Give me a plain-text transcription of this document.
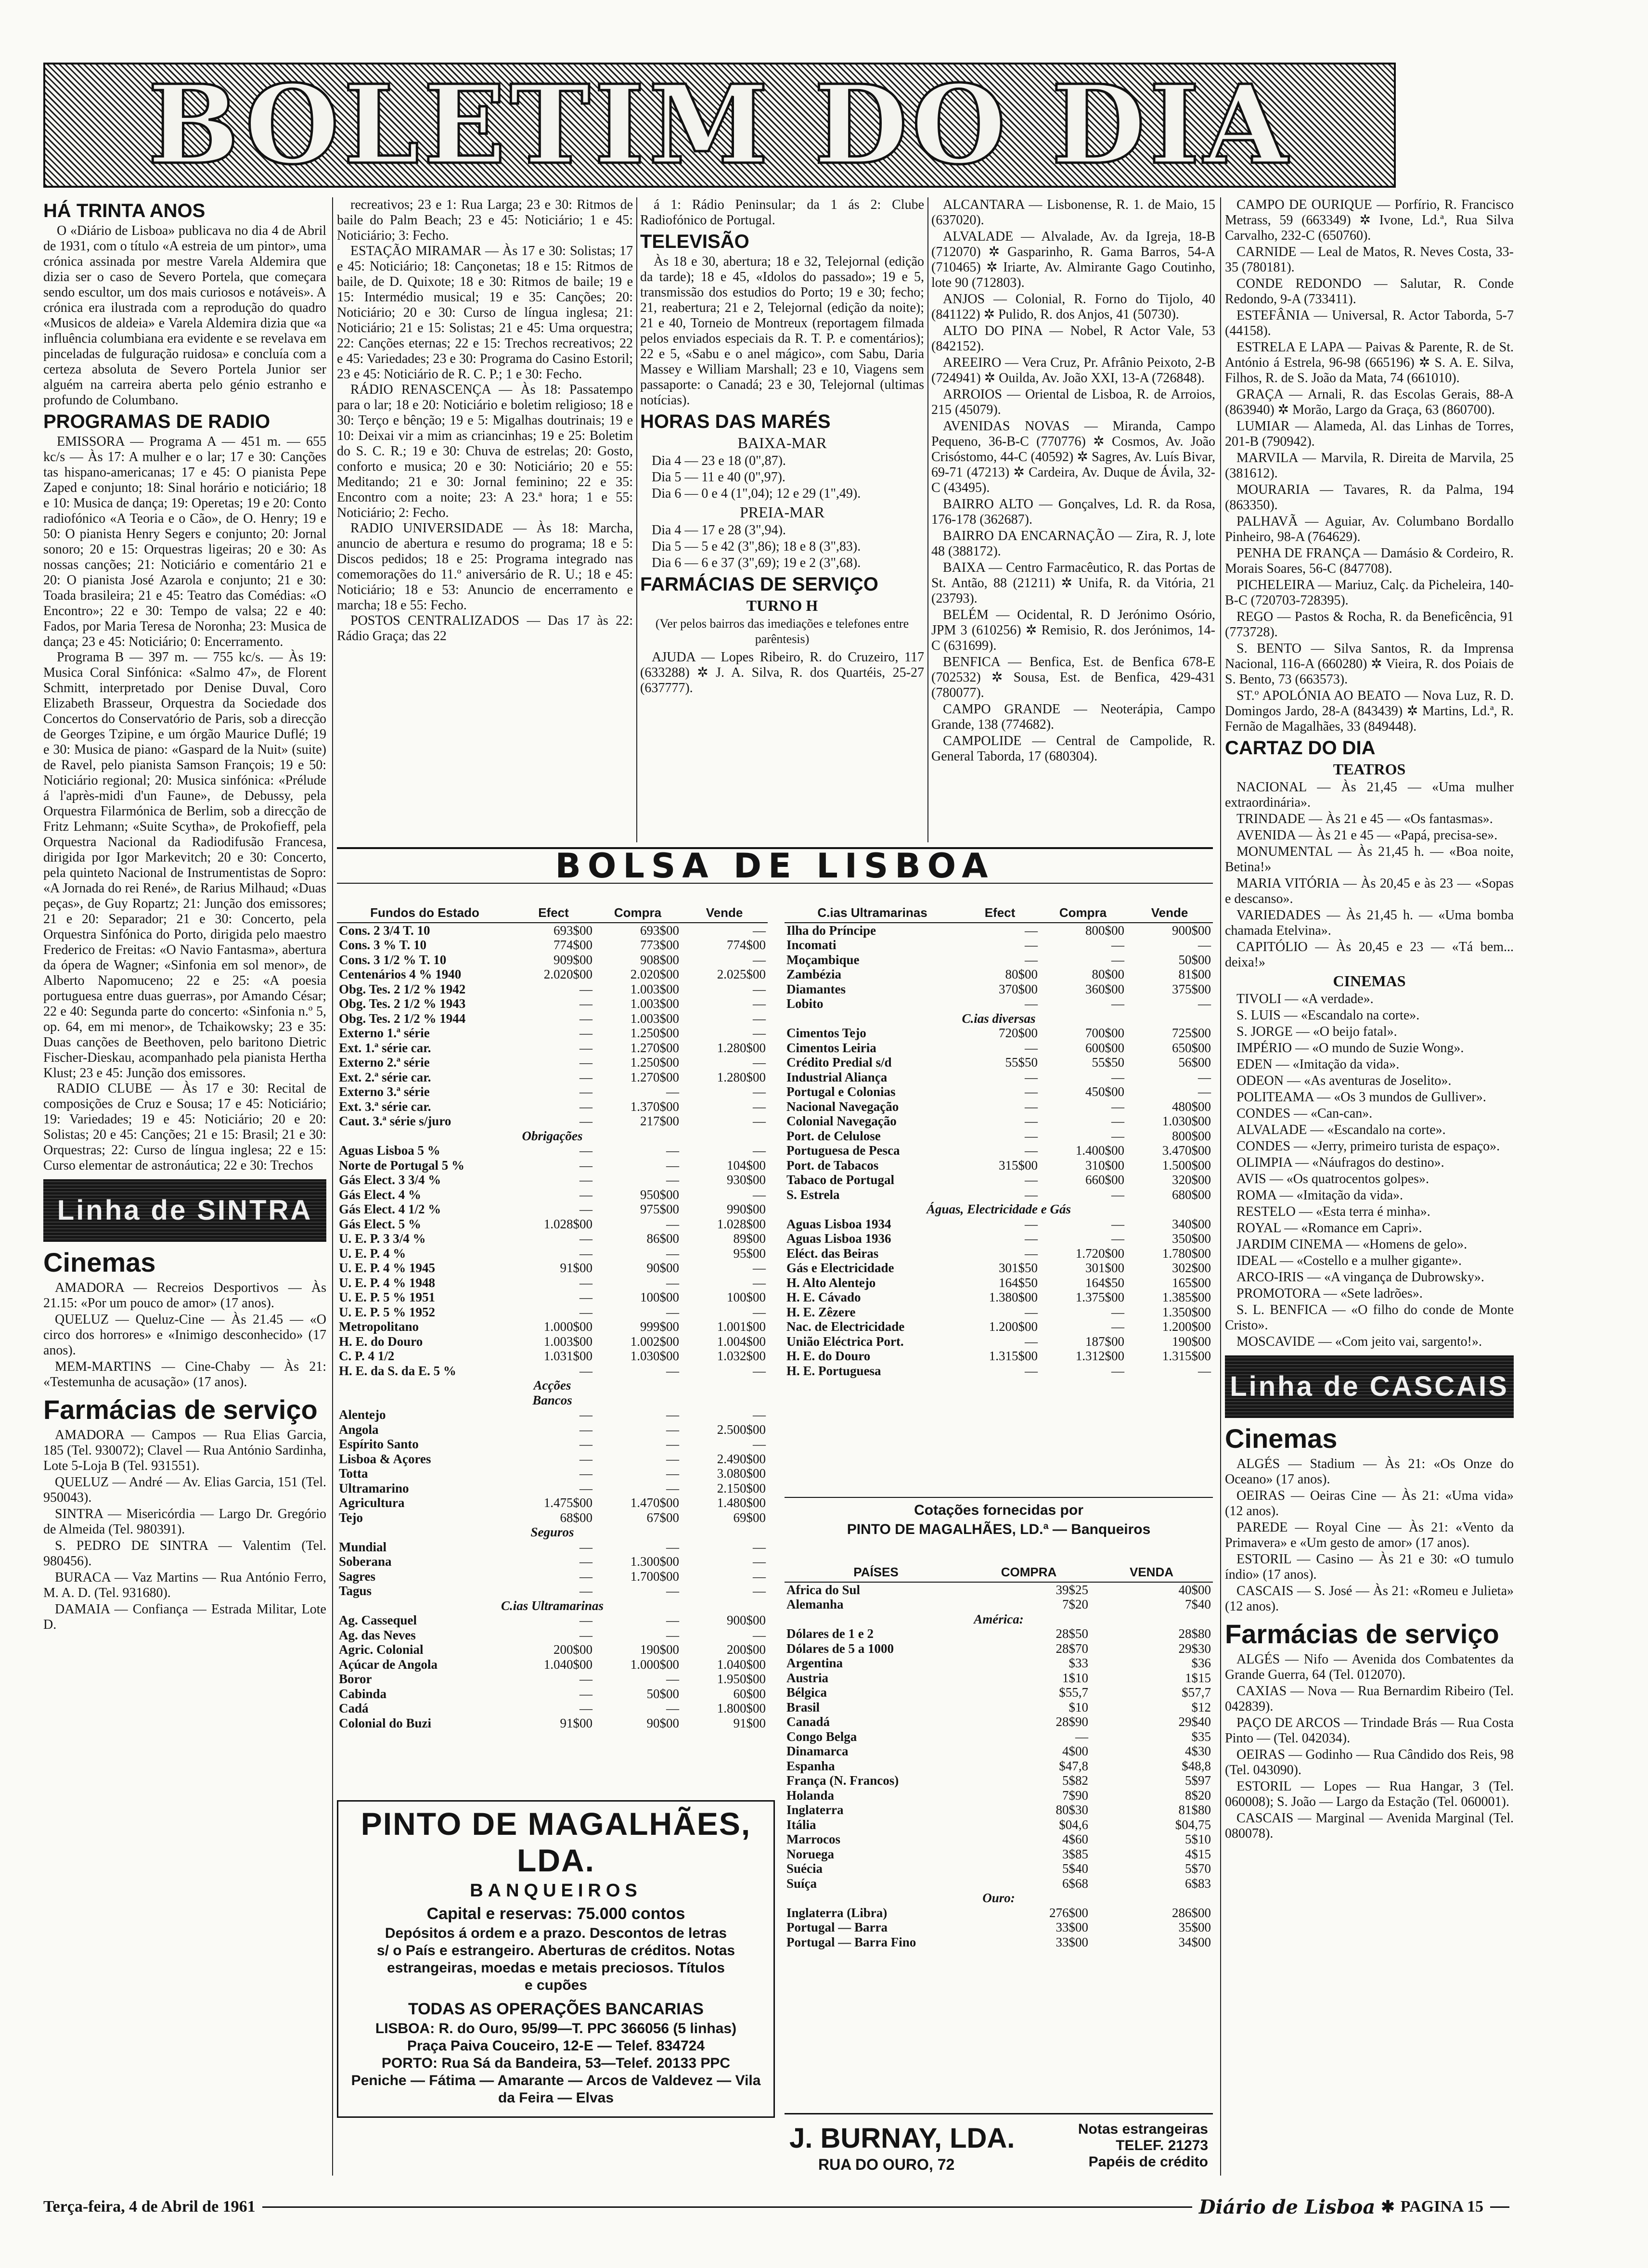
BOLETIM DO DIA
HÁ TRINTA ANOS

O «Diário de Lisboa» publicava no dia 4 de Abril de 1931, com o título «A estreia de um pintor», uma crónica assinada por mestre Varela Aldemira que dizia ser o caso de Severo Portela, que começara sendo escultor, um dos mais curiosos e notáveis». A crónica era ilustrada com a reprodução do quadro «Musicos de aldeia» e Varela Aldemira dizia que «a influência columbiana era evidente e se revelava em pinceladas de fulguração ruidosa» e concluía com a certeza absoluta de Severo Portela Junior ser alguém na carreira aberta pelo génio estranho e profundo de Columbano.

PROGRAMAS DE RADIO

EMISSORA — Programa A — 451 m. — 655 kc/s — Às 17: A mulher e o lar; 17 e 30: Canções tas hispano-americanas; 17 e 45: O pianista Pepe Zaped e conjunto; 18: Sinal horário e noticiário; 18 e 10: Musica de dança; 19: Operetas; 19 e 20: Conto radiofónico «A Teoria e o Cão», de O. Henry; 19 e 50: O pianista Henry Segers e conjunto; 20: Jornal sonoro; 20 e 15: Orquestras ligeiras; 20 e 30: As nossas canções; 21: Noticiário e comentário 21 e 20: O pianista José Azarola e conjunto; 21 e 30: Toada brasileira; 21 e 45: Teatro das Comédias: «O Encontro»; 22 e 30: Tempo de valsa; 22 e 40: Fados, por Maria Teresa de Noronha; 23: Musica de dança; 23 e 45: Noticiário; 0: Encerramento.

Programa B — 397 m. — 755 kc/s. — Às 19: Musica Coral Sinfónica: «Salmo 47», de Florent Schmitt, interpretado por Denise Duval, Coro Elizabeth Brasseur, Orquestra da Sociedade dos Concertos do Conservatório de Paris, sob a direcção de Georges Tzipine, e um órgão Maurice Duflé; 19 e 30: Musica de piano: «Gaspard de la Nuit» (suite) de Ravel, pelo pianista Samson François; 19 e 50: Noticiário regional; 20: Musica sinfónica: «Prélude á l'après-midi d'un Faune», de Debussy, pela Orquestra Filarmónica de Berlim, sob a direcção de Fritz Lehmann; «Suite Scytha», de Prokofieff, pela Orquestra Nacional da Radiodifusão Francesa, dirigida por Igor Markevitch; 20 e 30: Concerto, pela quinteto Nacional de Instrumentistas de Sopro: «A Jornada do rei René», de Rarius Milhaud; «Duas peças», de Guy Ropartz; 21: Junção dos emissores; 21 e 20: Separador; 21 e 30: Concerto, pela Orquestra Sinfónica do Porto, dirigida pelo maestro Frederico de Freitas: «O Navio Fantasma», abertura da ópera de Wagner; «Sinfonia em sol menor», de Alberto Napomuceno; 22 e 25: «A poesia portuguesa entre duas guerras», por Amando César; 22 e 40: Segunda parte do concerto: «Sinfonia n.º 5, op. 64, em mi menor», de Tchaikowsky; 23 e 35: Duas canções de Beethoven, pelo baritono Dietric Fischer-Dieskau, acompanhado pela pianista Hertha Klust; 23 e 45: Junção dos emissores.

RADIO CLUBE — Às 17 e 30: Recital de composições de Cruz e Sousa; 17 e 45: Noticiário; 19: Variedades; 19 e 45: Noticiário; 20 e 20: Solistas; 20 e 45: Canções; 21 e 15: Brasil; 21 e 30: Orquestras; 22: Curso de língua inglesa; 22 e 15: Curso elementar de astronáutica; 22 e 30: Trechos

Linha de SINTRA
Cinemas

AMADORA — Recreios Desportivos — Às 21.15: «Por um pouco de amor» (17 anos).

QUELUZ — Queluz-Cine — Às 21.45 — «O circo dos horrores» e «Inimigo desconhecido» (17 anos).

MEM-MARTINS — Cine-Chaby — Às 21: «Testemunha de acusação» (17 anos).

Farmácias de serviço

AMADORA — Campos — Rua Elias Garcia, 185 (Tel. 930072); Clavel — Rua António Sardinha, Lote 5-Loja B (Tel. 931551).

QUELUZ — André — Av. Elias Garcia, 151 (Tel. 950043).

SINTRA — Misericórdia — Largo Dr. Gregório de Almeida (Tel. 980391).

S. PEDRO DE SINTRA — Valentim (Tel. 980456).

BURACA — Vaz Martins — Rua António Ferro, M. A. D. (Tel. 931680).

DAMAIA — Confiança — Estrada Militar, Lote D.

recreativos; 23 e 1: Rua Larga; 23 e 30: Ritmos de baile do Palm Beach; 23 e 45: Noticiário; 1 e 45: Noticiário; 3: Fecho.

ESTAÇÃO MIRAMAR — Às 17 e 30: Solistas; 17 e 45: Noticiário; 18: Cançonetas; 18 e 15: Ritmos de baile, de D. Quixote; 18 e 30: Ritmos de baile; 19 e 15: Intermédio musical; 19 e 35: Canções; 20: Noticiário; 20 e 30: Curso de língua inglesa; 21: Noticiário; 21 e 15: Solistas; 21 e 45: Uma orquestra; 22: Canções eternas; 22 e 15: Trechos recreativos; 22 e 45: Variedades; 23 e 30: Programa do Casino Estoril; 23 e 45: Noticiário de R. C. P.; 1 e 30: Fecho.

RÁDIO RENASCENÇA — Às 18: Passatempo para o lar; 18 e 20: Noticiário e boletim religioso; 18 e 30: Terço e bênção; 19 e 5: Migalhas doutrinais; 19 e 10: Deixai vir a mim as criancinhas; 19 e 25: Boletim do S. C. R.; 19 e 30: Chuva de estrelas; 20: Gosto, conforto e musica; 20 e 30: Noticiário; 20 e 55: Meditando; 21 e 30: Jornal feminino; 22 e 35: Encontro com a noite; 23: A 23.ª hora; 1 e 55: Noticiário; 2: Fecho.

RADIO UNIVERSIDADE — Às 18: Marcha, anuncio de abertura e resumo do programa; 18 e 5: Discos pedidos; 18 e 25: Programa integrado nas comemorações do 11.º aniversário de R. U.; 18 e 45: Noticiário; 18 e 53: Anuncio de encerramento e marcha; 18 e 55: Fecho.

POSTOS CENTRALIZADOS — Das 17 às 22: Rádio Graça; das 22

á 1: Rádio Peninsular; da 1 ás 2: Clube Radiofónico de Portugal.

TELEVISÃO

Às 18 e 30, abertura; 18 e 32, Telejornal (edição da tarde); 18 e 45, «Idolos do passado»; 19 e 5, transmissão dos estudios do Porto; 19 e 30; fecho; 21, reabertura; 21 e 2, Telejornal (edição da noite); 21 e 40, Torneio de Montreux (reportagem filmada pelos enviados especiais da R. T. P. e comentários); 22 e 5, «Sabu e o anel mágico», com Sabu, Daria Massey e William Marshall; 23 e 10, Viagens sem passaporte: o Canadá; 23 e 30, Telejornal (ultimas notícias).

HORAS DAS MARÉS
BAIXA-MAR

Dia 4 — 23 e 18 (0",87).

Dia 5 — 11 e 40 (0",97).

Dia 6 — 0 e 4 (1",04); 12 e 29 (1",49).

PREIA-MAR

Dia 4 — 17 e 28 (3",94).

Dia 5 — 5 e 42 (3",86); 18 e 8 (3",83).

Dia 6 — 6 e 37 (3",69); 19 e 2 (3",68).

FARMÁCIAS DE SERVIÇO
TURNO H
(Ver pelos bairros das imediações e telefones entre parêntesis)

AJUDA — Lopes Ribeiro, R. do Cruzeiro, 117 (633288) ✲ J. A. Silva, R. dos Quartéis, 25-27 (637777).

ALCANTARA — Lisbonense, R. 1. de Maio, 15 (637020).

ALVALADE — Alvalade, Av. da Igreja, 18-B (712070) ✲ Gasparinho, R. Gama Barros, 54-A (710465) ✲ Iriarte, Av. Almirante Gago Coutinho, lote 90 (712803).

ANJOS — Colonial, R. Forno do Tijolo, 40 (841122) ✲ Pulido, R. dos Anjos, 41 (50730).

ALTO DO PINA — Nobel, R Actor Vale, 53 (842152).

AREEIRO — Vera Cruz, Pr. Afrânio Peixoto, 2-B (724941) ✲ Ouilda, Av. João XXI, 13-A (726848).

ARROIOS — Oriental de Lisboa, R. de Arroios, 215 (45079).

AVENIDAS NOVAS — Miranda, Campo Pequeno, 36-B-C (770776) ✲ Cosmos, Av. João Crisóstomo, 44-C (40592) ✲ Sagres, Av. Luís Bivar, 69-71 (47213) ✲ Cardeira, Av. Duque de Ávila, 32-C (43495).

BAIRRO ALTO — Gonçalves, Ld. R. da Rosa, 176-178 (362687).

BAIRRO DA ENCARNAÇÃO — Zira, R. J, lote 48 (388172).

BAIXA — Centro Farmacêutico, R. das Portas de St. Antão, 88 (21211) ✲ Unifa, R. da Vitória, 21 (23793).

BELÉM — Ocidental, R. D Jerónimo Osório, JPM 3 (610256) ✲ Remisio, R. dos Jerónimos, 14-C (631699).

BENFICA — Benfica, Est. de Benfica 678-E (702532) ✲ Sousa, Est. de Benfica, 429-431 (780077).

CAMPO GRANDE — Neoterápia, Campo Grande, 138 (774682).

CAMPOLIDE — Central de Campolide, R. General Taborda, 17 (680304).

CAMPO DE OURIQUE — Porfírio, R. Francisco Metrass, 59 (663349) ✲ Ivone, Ld.ª, Rua Silva Carvalho, 232-C (650760).

CARNIDE — Leal de Matos, R. Neves Costa, 33-35 (780181).

CONDE REDONDO — Salutar, R. Conde Redondo, 9-A (733411).

ESTEFÂNIA — Universal, R. Actor Taborda, 5-7 (44158).

ESTRELA E LAPA — Paivas & Parente, R. de St. António á Estrela, 96-98 (665196) ✲ S. A. E. Silva, Filhos, R. de S. João da Mata, 74 (661010).

GRAÇA — Arnali, R. das Escolas Gerais, 88-A (863940) ✲ Morão, Largo da Graça, 63 (860700).

LUMIAR — Alameda, Al. das Linhas de Torres, 201-B (790942).

MARVILA — Marvila, R. Direita de Marvila, 25 (381612).

MOURARIA — Tavares, R. da Palma, 194 (863350).

PALHAVÃ — Aguiar, Av. Columbano Bordallo Pinheiro, 98-A (764629).

PENHA DE FRANÇA — Damásio & Cordeiro, R. Morais Soares, 56-C (847708).

PICHELEIRA — Mariuz, Calç. da Picheleira, 140-B-C (720703-728395).

REGO — Pastos & Rocha, R. da Beneficência, 91 (773728).

S. BENTO — Silva Santos, R. da Imprensa Nacional, 116-A (660280) ✲ Vieira, R. dos Poiais de S. Bento, 73 (663573).

ST.º APOLÓNIA AO BEATO — Nova Luz, R. D. Domingos Jardo, 28-A (843439) ✲ Martins, Ld.ª, R. Fernão de Magalhães, 33 (849448).

CARTAZ DO DIA
TEATROS

NACIONAL — Às 21,45 — «Uma mulher extraordinária».

TRINDADE — Às 21 e 45 — «Os fantasmas».

AVENIDA — Às 21 e 45 — «Papá, precisa-se».

MONUMENTAL — Às 21,45 h. — «Boa noite, Betina!»

MARIA VITÓRIA — Às 20,45 e às 23 — «Sopas e descanso».

VARIEDADES — Às 21,45 h. — «Uma bomba chamada Etelvina».

CAPITÓLIO — Às 20,45 e 23 — «Tá bem... deixa!»

CINEMAS

TIVOLI — «A verdade».

S. LUIS — «Escandalo na corte».

S. JORGE — «O beijo fatal».

IMPÉRIO — «O mundo de Suzie Wong».

EDEN — «Imitação da vida».

ODEON — «As aventuras de Joselito».

POLITEAMA — «Os 3 mundos de Gulliver».

CONDES — «Can-can».

ALVALADE — «Escandalo na corte».

CONDES — «Jerry, primeiro turista de espaço».

OLIMPIA — «Náufragos do destino».

AVIS — «Os quatrocentos golpes».

ROMA — «Imitação da vida».

RESTELO — «Esta terra é minha».

ROYAL — «Romance em Capri».

JARDIM CINEMA — «Homens de gelo».

IDEAL — «Costello e a mulher gigante».

ARCO-IRIS — «A vingança de Dubrowsky».

PROMOTORA — «Sete ladrões».

S. L. BENFICA — «O filho do conde de Monte Cristo».

MOSCAVIDE — «Com jeito vai, sargento!».

Linha de CASCAIS
Cinemas

ALGÉS — Stadium — Às 21: «Os Onze do Oceano» (17 anos).

OEIRAS — Oeiras Cine — Às 21: «Uma vida» (12 anos).

PAREDE — Royal Cine — Às 21: «Vento da Primavera» e «Um gesto de amor» (17 anos).

ESTORIL — Casino — Às 21 e 30: «O tumulo índio» (17 anos).

CASCAIS — S. José — Às 21: «Romeu e Julieta» (12 anos).

Farmácias de serviço

ALGÉS — Nifo — Avenida dos Combatentes da Grande Guerra, 64 (Tel. 012070).

CAXIAS — Nova — Rua Bernardim Ribeiro (Tel. 042839).

PAÇO DE ARCOS — Trindade Brás — Rua Costa Pinto — (Tel. 042034).

OEIRAS — Godinho — Rua Cândido dos Reis, 98 (Tel. 043090).

ESTORIL — Lopes — Rua Hangar, 3 (Tel. 060008); S. João — Largo da Estação (Tel. 060001).

CASCAIS — Marginal — Avenida Marginal (Tel. 080078).

BOLSA DE LISBOA
Fundos do Estado	Efect	Compra	Vende
Cons. 2 3/4 T. 10	693$00	693$00	—
Cons. 3 % T. 10	774$00	773$00	774$00
Cons. 3 1/2 % T. 10	909$00	908$00	—
Centenários 4 % 1940	2.020$00	2.020$00	2.025$00
Obg. Tes. 2 1/2 % 1942	—	1.003$00	—
Obg. Tes. 2 1/2 % 1943	—	1.003$00	—
Obg. Tes. 2 1/2 % 1944	—	1.003$00	—
Externo 1.ª série	—	1.250$00	—
Ext. 1.ª série car.	—	1.270$00	1.280$00
Externo 2.ª série	—	1.250$00	—
Ext. 2.ª série car.	—	1.270$00	1.280$00
Externo 3.ª série	—	—	—
Ext. 3.ª série car.	—	1.370$00	—
Caut. 3.ª série s/juro	—	217$00	—
Obrigações			
Aguas Lisboa 5 %	—	—	—
Norte de Portugal 5 %	—	—	104$00
Gás Elect. 3 3/4 %	—	—	930$00
Gás Elect. 4 %	—	950$00	—
Gás Elect. 4 1/2 %	—	975$00	990$00
Gás Elect. 5 %	1.028$00	—	1.028$00
U. E. P. 3 3/4 %	—	86$00	89$00
U. E. P. 4 %	—	—	95$00
U. E. P. 4 % 1945	91$00	90$00	—
U. E. P. 4 % 1948	—	—	—
U. E. P. 5 % 1951	—	100$00	100$00
U. E. P. 5 % 1952	—	—	—
Metropolitano	1.000$00	999$00	1.001$00
H. E. do Douro	1.003$00	1.002$00	1.004$00
C. P. 4 1/2	1.031$00	1.030$00	1.032$00
H. E. da S. da E. 5 %	—	—	—
Acções			
Bancos			
Alentejo	—	—	—
Angola	—	—	2.500$00
Espírito Santo	—	—	—
Lisboa & Açores	—	—	2.490$00
Totta	—	—	3.080$00
Ultramarino	—	—	2.150$00
Agricultura	1.475$00	1.470$00	1.480$00
Tejo	68$00	67$00	69$00
Seguros			
Mundial	—	—	—
Soberana	—	1.300$00	—
Sagres	—	1.700$00	—
Tagus	—	—	—
C.ias Ultramarinas			
Ag. Cassequel	—	—	900$00
Ag. das Neves	—	—	—
Agric. Colonial	200$00	190$00	200$00
Açúcar de Angola	1.040$00	1.000$00	1.040$00
Boror	—	—	1.950$00
Cabinda	—	50$00	60$00
Cadá	—	—	1.800$00
Colonial do Buzi	91$00	90$00	91$00
C.ias Ultramarinas	Efect	Compra	Vende
Ilha do Príncipe	—	800$00	900$00
Incomati	—	—	—
Moçambique	—	—	50$00
Zambézia	80$00	80$00	81$00
Diamantes	370$00	360$00	375$00
Lobito	—	—	—
C.ias diversas			
Cimentos Tejo	720$00	700$00	725$00
Cimentos Leiria	—	600$00	650$00
Crédito Predial s/d	55$50	55$50	56$00
Industrial Aliança	—	—	—
Portugal e Colonias	—	450$00	—
Nacional Navegação	—	—	480$00
Colonial Navegação	—	—	1.030$00
Port. de Celulose	—	—	800$00
Portuguesa de Pesca	—	1.400$00	3.470$00
Port. de Tabacos	315$00	310$00	1.500$00
Tabaco de Portugal	—	660$00	320$00
S. Estrela	—	—	680$00
Águas, Electricidade e Gás			
Aguas Lisboa 1934	—	—	340$00
Aguas Lisboa 1936	—	—	350$00
Eléct. das Beiras	—	1.720$00	1.780$00
Gás e Electricidade	301$50	301$00	302$00
H. Alto Alentejo	164$50	164$50	165$00
H. E. Cávado	1.380$00	1.375$00	1.385$00
H. E. Zêzere	—	—	1.350$00
Nac. de Electricidade	1.200$00	—	1.200$00
União Eléctrica Port.	—	187$00	190$00
H. E. do Douro	1.315$00	1.312$00	1.315$00
H. E. Portuguesa	—	—	—
Cotações fornecidas por
PINTO DE MAGALHÃES, LD.ª — Banqueiros
PAÍSES	COMPRA	VENDA
Africa do Sul	39$25	40$00
Alemanha	7$20	7$40
América:		
Dólares de 1 e 2	28$50	28$80
Dólares de 5 a 1000	28$70	29$30
Argentina	$33	$36
Austria	1$10	1$15
Bélgica	$55,7	$57,7
Brasil	$10	$12
Canadá	28$90	29$40
Congo Belga	—	$35
Dinamarca	4$00	4$30
Espanha	$47,8	$48,8
França (N. Francos)	5$82	5$97
Holanda	7$90	8$20
Inglaterra	80$30	81$80
Itália	$04,6	$04,75
Marrocos	4$60	5$10
Noruega	3$85	4$15
Suécia	5$40	5$70
Suíça	6$68	6$83
Ouro:		
Inglaterra (Libra)	276$00	286$00
Portugal — Barra	33$00	35$00
Portugal — Barra Fino	33$00	34$00
PINTO DE MAGALHÃES, LDA.
BANQUEIROS
Capital e reservas: 75.000 contos
Depósitos á ordem e a prazo. Descontos de letras
s/ o País e estrangeiro. Aberturas de créditos. Notas
estrangeiras, moedas e metais preciosos. Títulos
e cupões
TODAS AS OPERAÇÕES BANCARIAS
LISBOA: R. do Ouro, 95/99—T. PPC 366056 (5 linhas)
Praça Paiva Couceiro, 12-E — Telef. 834724
PORTO: Rua Sá da Bandeira, 53—Telef. 20133 PPC
Peniche — Fátima — Amarante — Arcos de Valdevez — Vila da Feira — Elvas
J. BURNAY, LDA.
RUA DO OURO, 72
Notas estrangeiras
TELEF. 21273
Papéis de crédito
Terça-feira, 4 de Abril de 1961	Diário de Lisboa ✱ PAGINA 15
